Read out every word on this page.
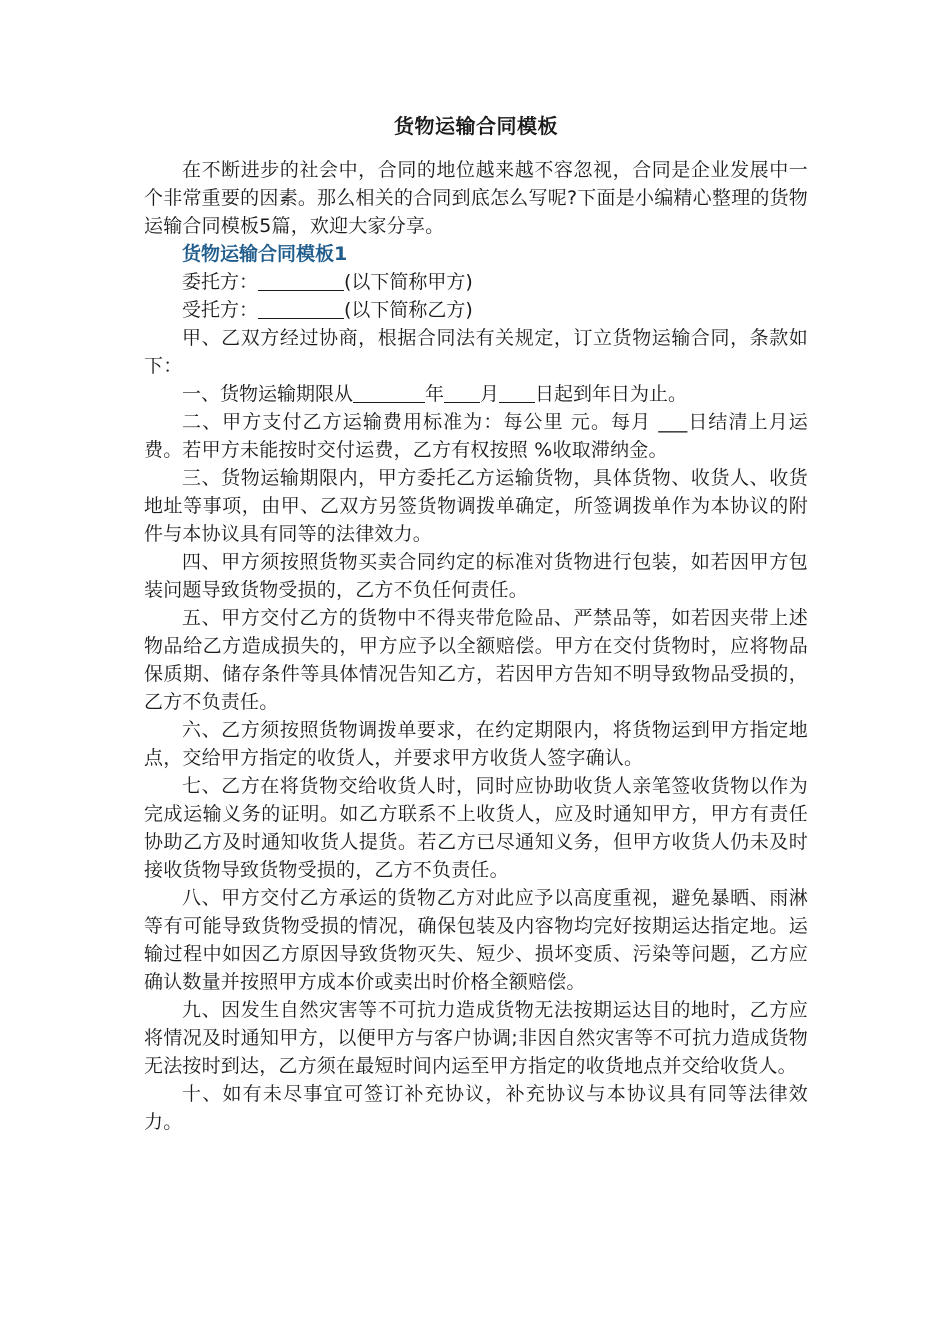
货物运输合同模板

在不断进步的社会中，合同的地位越来越不容忽视，合同是企业发展中一个非常重要的因素。那么相关的合同到底怎么写呢?下面是小编精心整理的货物运输合同模板5篇，欢迎大家分享。

货物运输合同模板1

委托方：	(以下简称甲方)

受托方：	(以下简称乙方)

甲、乙双方经过协商，根据合同法有关规定，订立货物运输合同，条款如下：

一、货物运输期限从	年 月 日起到年日为止。

二、甲方支付乙方运输费用标准为：每公里 元。每月 ___日结清上月运费。若甲方未能按时交付运费，乙方有权按照 %收取滞纳金。

三、货物运输期限内，甲方委托乙方运输货物，具体货物、收货人、收货地址等事项，由甲、乙双方另签货物调拨单确定，所签调拨单作为本协议的附件与本协议具有同等的法律效力。

四、甲方须按照货物买卖合同约定的标准对货物进行包装，如若因甲方包装问题导致货物受损的，乙方不负任何责任。

五、甲方交付乙方的货物中不得夹带危险品、严禁品等，如若因夹带上述物品给乙方造成损失的，甲方应予以全额赔偿。甲方在交付货物时，应将物品保质期、储存条件等具体情况告知乙方，若因甲方告知不明导致物品受损的，乙方不负责任。

六、乙方须按照货物调拨单要求，在约定期限内，将货物运到甲方指定地点，交给甲方指定的收货人，并要求甲方收货人签字确认。

七、乙方在将货物交给收货人时，同时应协助收货人亲笔签收货物以作为完成运输义务的证明。如乙方联系不上收货人，应及时通知甲方，甲方有责任协助乙方及时通知收货人提货。若乙方已尽通知义务，但甲方收货人仍未及时接收货物导致货物受损的，乙方不负责任。

八、甲方交付乙方承运的货物乙方对此应予以高度重视，避免暴晒、雨淋等有可能导致货物受损的情况，确保包装及内容物均完好按期运达指定地。运输过程中如因乙方原因导致货物灭失、短少、损坏变质、污染等问题，乙方应确认数量并按照甲方成本价或卖出时价格全额赔偿。

九、因发生自然灾害等不可抗力造成货物无法按期运达目的地时，乙方应将情况及时通知甲方，以便甲方与客户协调;非因自然灾害等不可抗力造成货物无法按时到达，乙方须在最短时间内运至甲方指定的收货地点并交给收货人。

十、如有未尽事宜可签订补充协议，补充协议与本协议具有同等法律效力。
